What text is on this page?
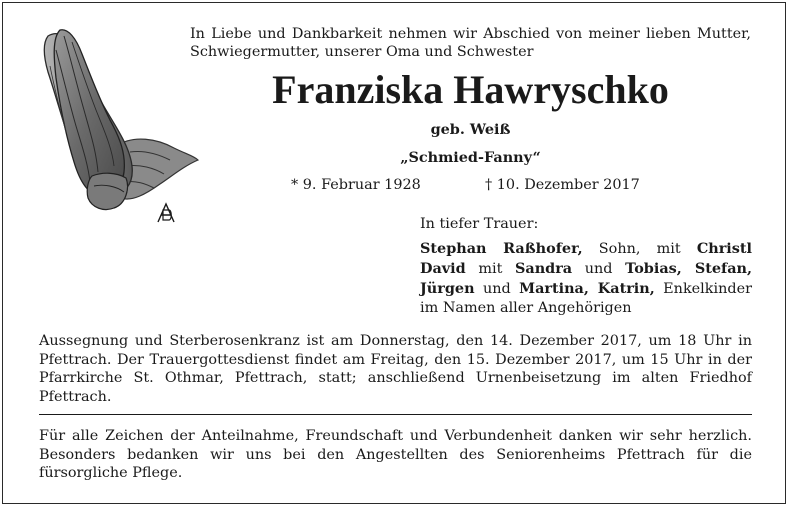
In Liebe und Dankbarkeit nehmen wir Abschied von meiner lieben Mutter, Schwiegermutter, unserer Oma und Schwester
Franziska Hawryschko
geb. Weiß
„Schmied-Fanny“
* 9. Februar 1928	† 10. Dezember 2017
In tiefer Trauer:
Stephan Raßhofer, Sohn, mit Christl
David mit Sandra und Tobias, Stefan,
Jürgen und Martina, Katrin, Enkelkinder
im Namen aller Angehörigen
Aussegnung und Sterberosenkranz ist am Donnerstag, den 14. Dezember 2017, um 18 Uhr in Pfettrach. Der Trauergottesdienst findet am Freitag, den 15. Dezember 2017, um 15 Uhr in der Pfarrkirche St. Othmar, Pfettrach, statt; anschließend Urnenbeisetzung im alten Friedhof Pfettrach.
Für alle Zeichen der Anteilnahme, Freundschaft und Verbundenheit danken wir sehr herzlich. Besonders bedanken wir uns bei den Angestellten des Seniorenheims Pfettrach für die fürsorgliche Pflege.
